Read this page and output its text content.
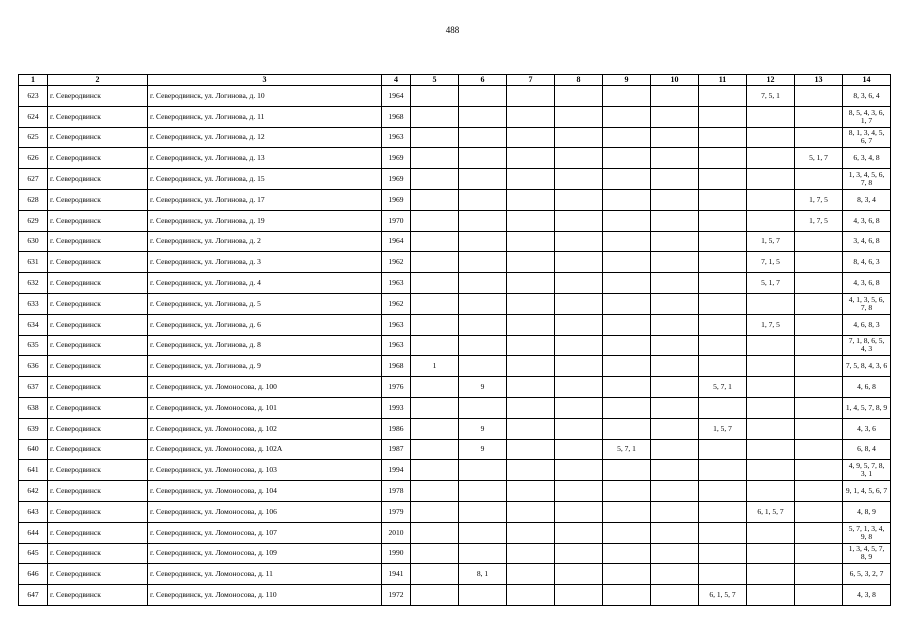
488
1	2	3	4	5	6	7	8	9	10	11	12	13	14
623	г. Северодвинск	г. Северодвинск, ул. Логинова, д. 10	1964								7, 5, 1		8, 3, 6, 4
624	г. Северодвинск	г. Северодвинск, ул. Логинова, д. 11	1968										8, 5, 4, 3, 6, 1, 7
625	г. Северодвинск	г. Северодвинск, ул. Логинова, д. 12	1963										8, 1, 3, 4, 5, 6, 7
626	г. Северодвинск	г. Северодвинск, ул. Логинова, д. 13	1969									5, 1, 7	6, 3, 4, 8
627	г. Северодвинск	г. Северодвинск, ул. Логинова, д. 15	1969										1, 3, 4, 5, 6, 7, 8
628	г. Северодвинск	г. Северодвинск, ул. Логинова, д. 17	1969									1, 7, 5	8, 3, 4
629	г. Северодвинск	г. Северодвинск, ул. Логинова, д. 19	1970									1, 7, 5	4, 3, 6, 8
630	г. Северодвинск	г. Северодвинск, ул. Логинова, д. 2	1964								1, 5, 7		3, 4, 6, 8
631	г. Северодвинск	г. Северодвинск, ул. Логинова, д. 3	1962								7, 1, 5		8, 4, 6, 3
632	г. Северодвинск	г. Северодвинск, ул. Логинова, д. 4	1963								5, 1, 7		4, 3, 6, 8
633	г. Северодвинск	г. Северодвинск, ул. Логинова, д. 5	1962										4, 1, 3, 5, 6, 7, 8
634	г. Северодвинск	г. Северодвинск, ул. Логинова, д. 6	1963								1, 7, 5		4, 6, 8, 3
635	г. Северодвинск	г. Северодвинск, ул. Логинова, д. 8	1963										7, 1, 8, 6, 5, 4, 3
636	г. Северодвинск	г. Северодвинск, ул. Логинова, д. 9	1968	1									7, 5, 8, 4, 3, 6
637	г. Северодвинск	г. Северодвинск, ул. Ломоносова, д. 100	1976		9					5, 7, 1			4, 6, 8
638	г. Северодвинск	г. Северодвинск, ул. Ломоносова, д. 101	1993										1, 4, 5, 7, 8, 9
639	г. Северодвинск	г. Северодвинск, ул. Ломоносова, д. 102	1986		9					1, 5, 7			4, 3, 6
640	г. Северодвинск	г. Северодвинск, ул. Ломоносова, д. 102А	1987		9			5, 7, 1					6, 8, 4
641	г. Северодвинск	г. Северодвинск, ул. Ломоносова, д. 103	1994										4, 9, 5, 7, 8, 3, 1
642	г. Северодвинск	г. Северодвинск, ул. Ломоносова, д. 104	1978										9, 1, 4, 5, 6, 7
643	г. Северодвинск	г. Северодвинск, ул. Ломоносова, д. 106	1979								6, 1, 5, 7		4, 8, 9
644	г. Северодвинск	г. Северодвинск, ул. Ломоносова, д. 107	2010										5, 7, 1, 3, 4, 9, 8
645	г. Северодвинск	г. Северодвинск, ул. Ломоносова, д. 109	1990										1, 3, 4, 5, 7, 8, 9
646	г. Северодвинск	г. Северодвинск, ул. Ломоносова, д. 11	1941		8, 1								6, 5, 3, 2, 7
647	г. Северодвинск	г. Северодвинск, ул. Ломоносова, д. 110	1972							6, 1, 5, 7			4, 3, 8
